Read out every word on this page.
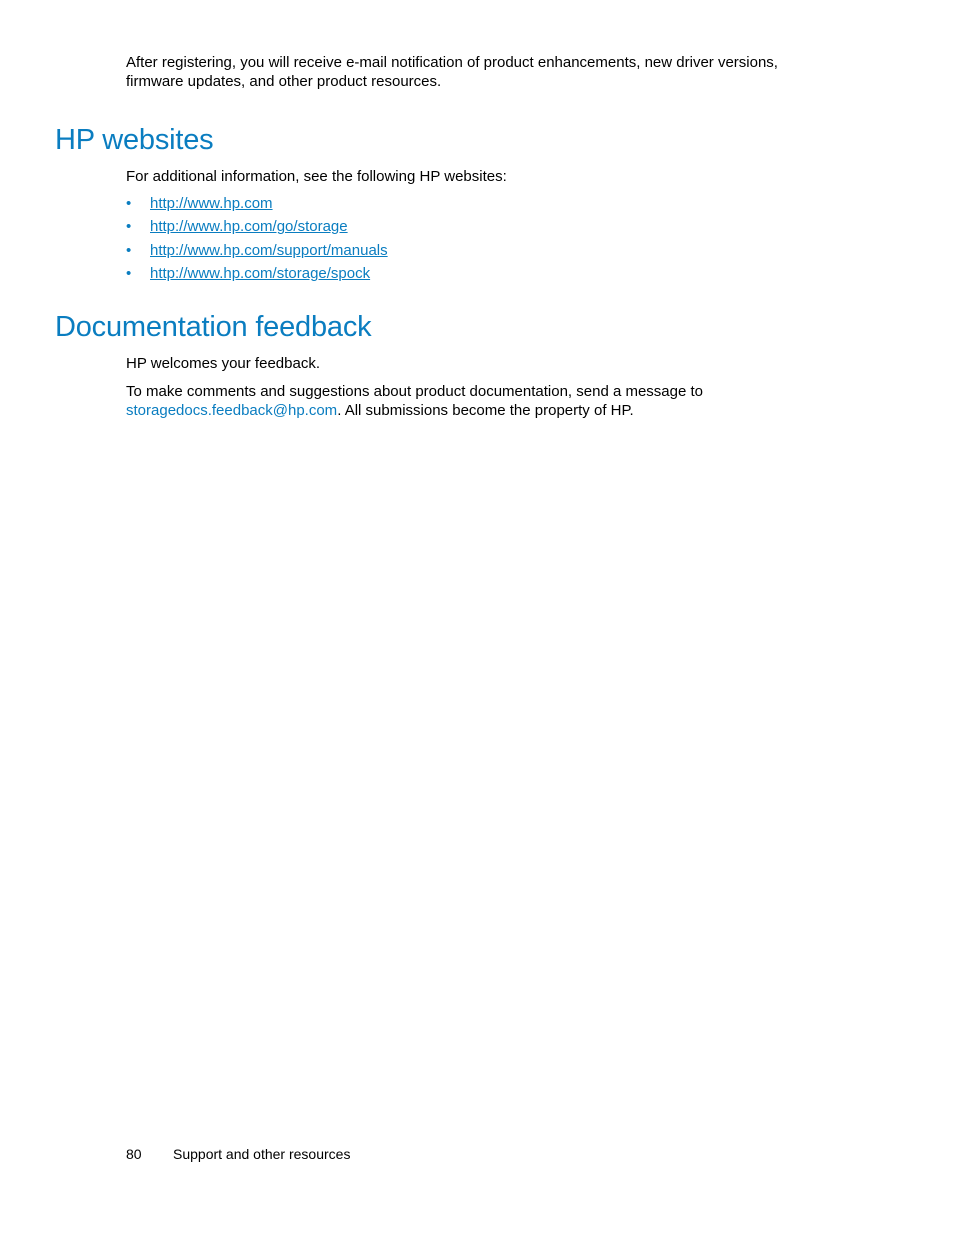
After registering, you will receive e-mail notification of product enhancements, new driver versions, firmware updates, and other product resources.

HP websites

For additional information, see the following HP websites:

• http://www.hp.com
• http://www.hp.com/go/storage
• http://www.hp.com/support/manuals
• http://www.hp.com/storage/spock
Documentation feedback

HP welcomes your feedback.

To make comments and suggestions about product documentation, send a message to
storagedocs.feedback@hp.com. All submissions become the property of HP.

80 Support and other resources
